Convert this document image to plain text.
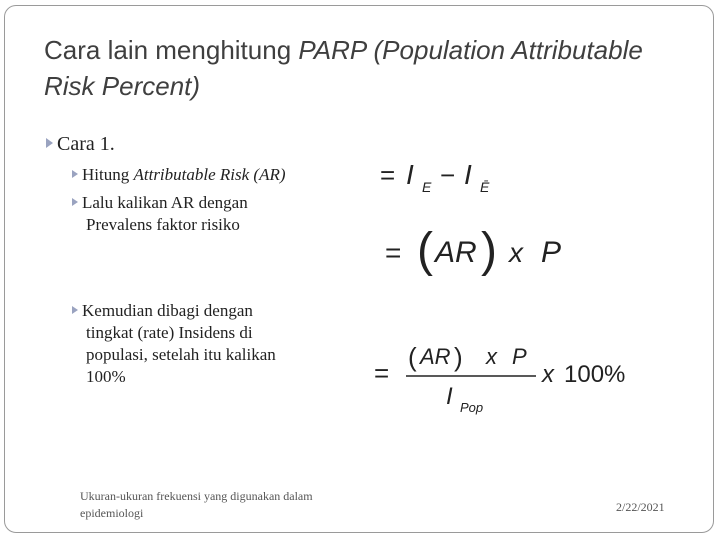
Cara lain menghitung PARP (Population Attributable Risk Percent)
Cara 1.
Hitung Attributable Risk (AR)
Lalu kalikan AR dengan
Prevalens faktor risiko
Kemudian dibagi dengan
tingkat (rate) Insidens di
populasi, setelah itu kalikan
100%
= I E − I Ē
= ( AR ) x P
=
( AR ) x P
I Pop
x 100%
Ukuran-ukuran frekuensi yang digunakan dalam
epidemiologi	2/22/2021
